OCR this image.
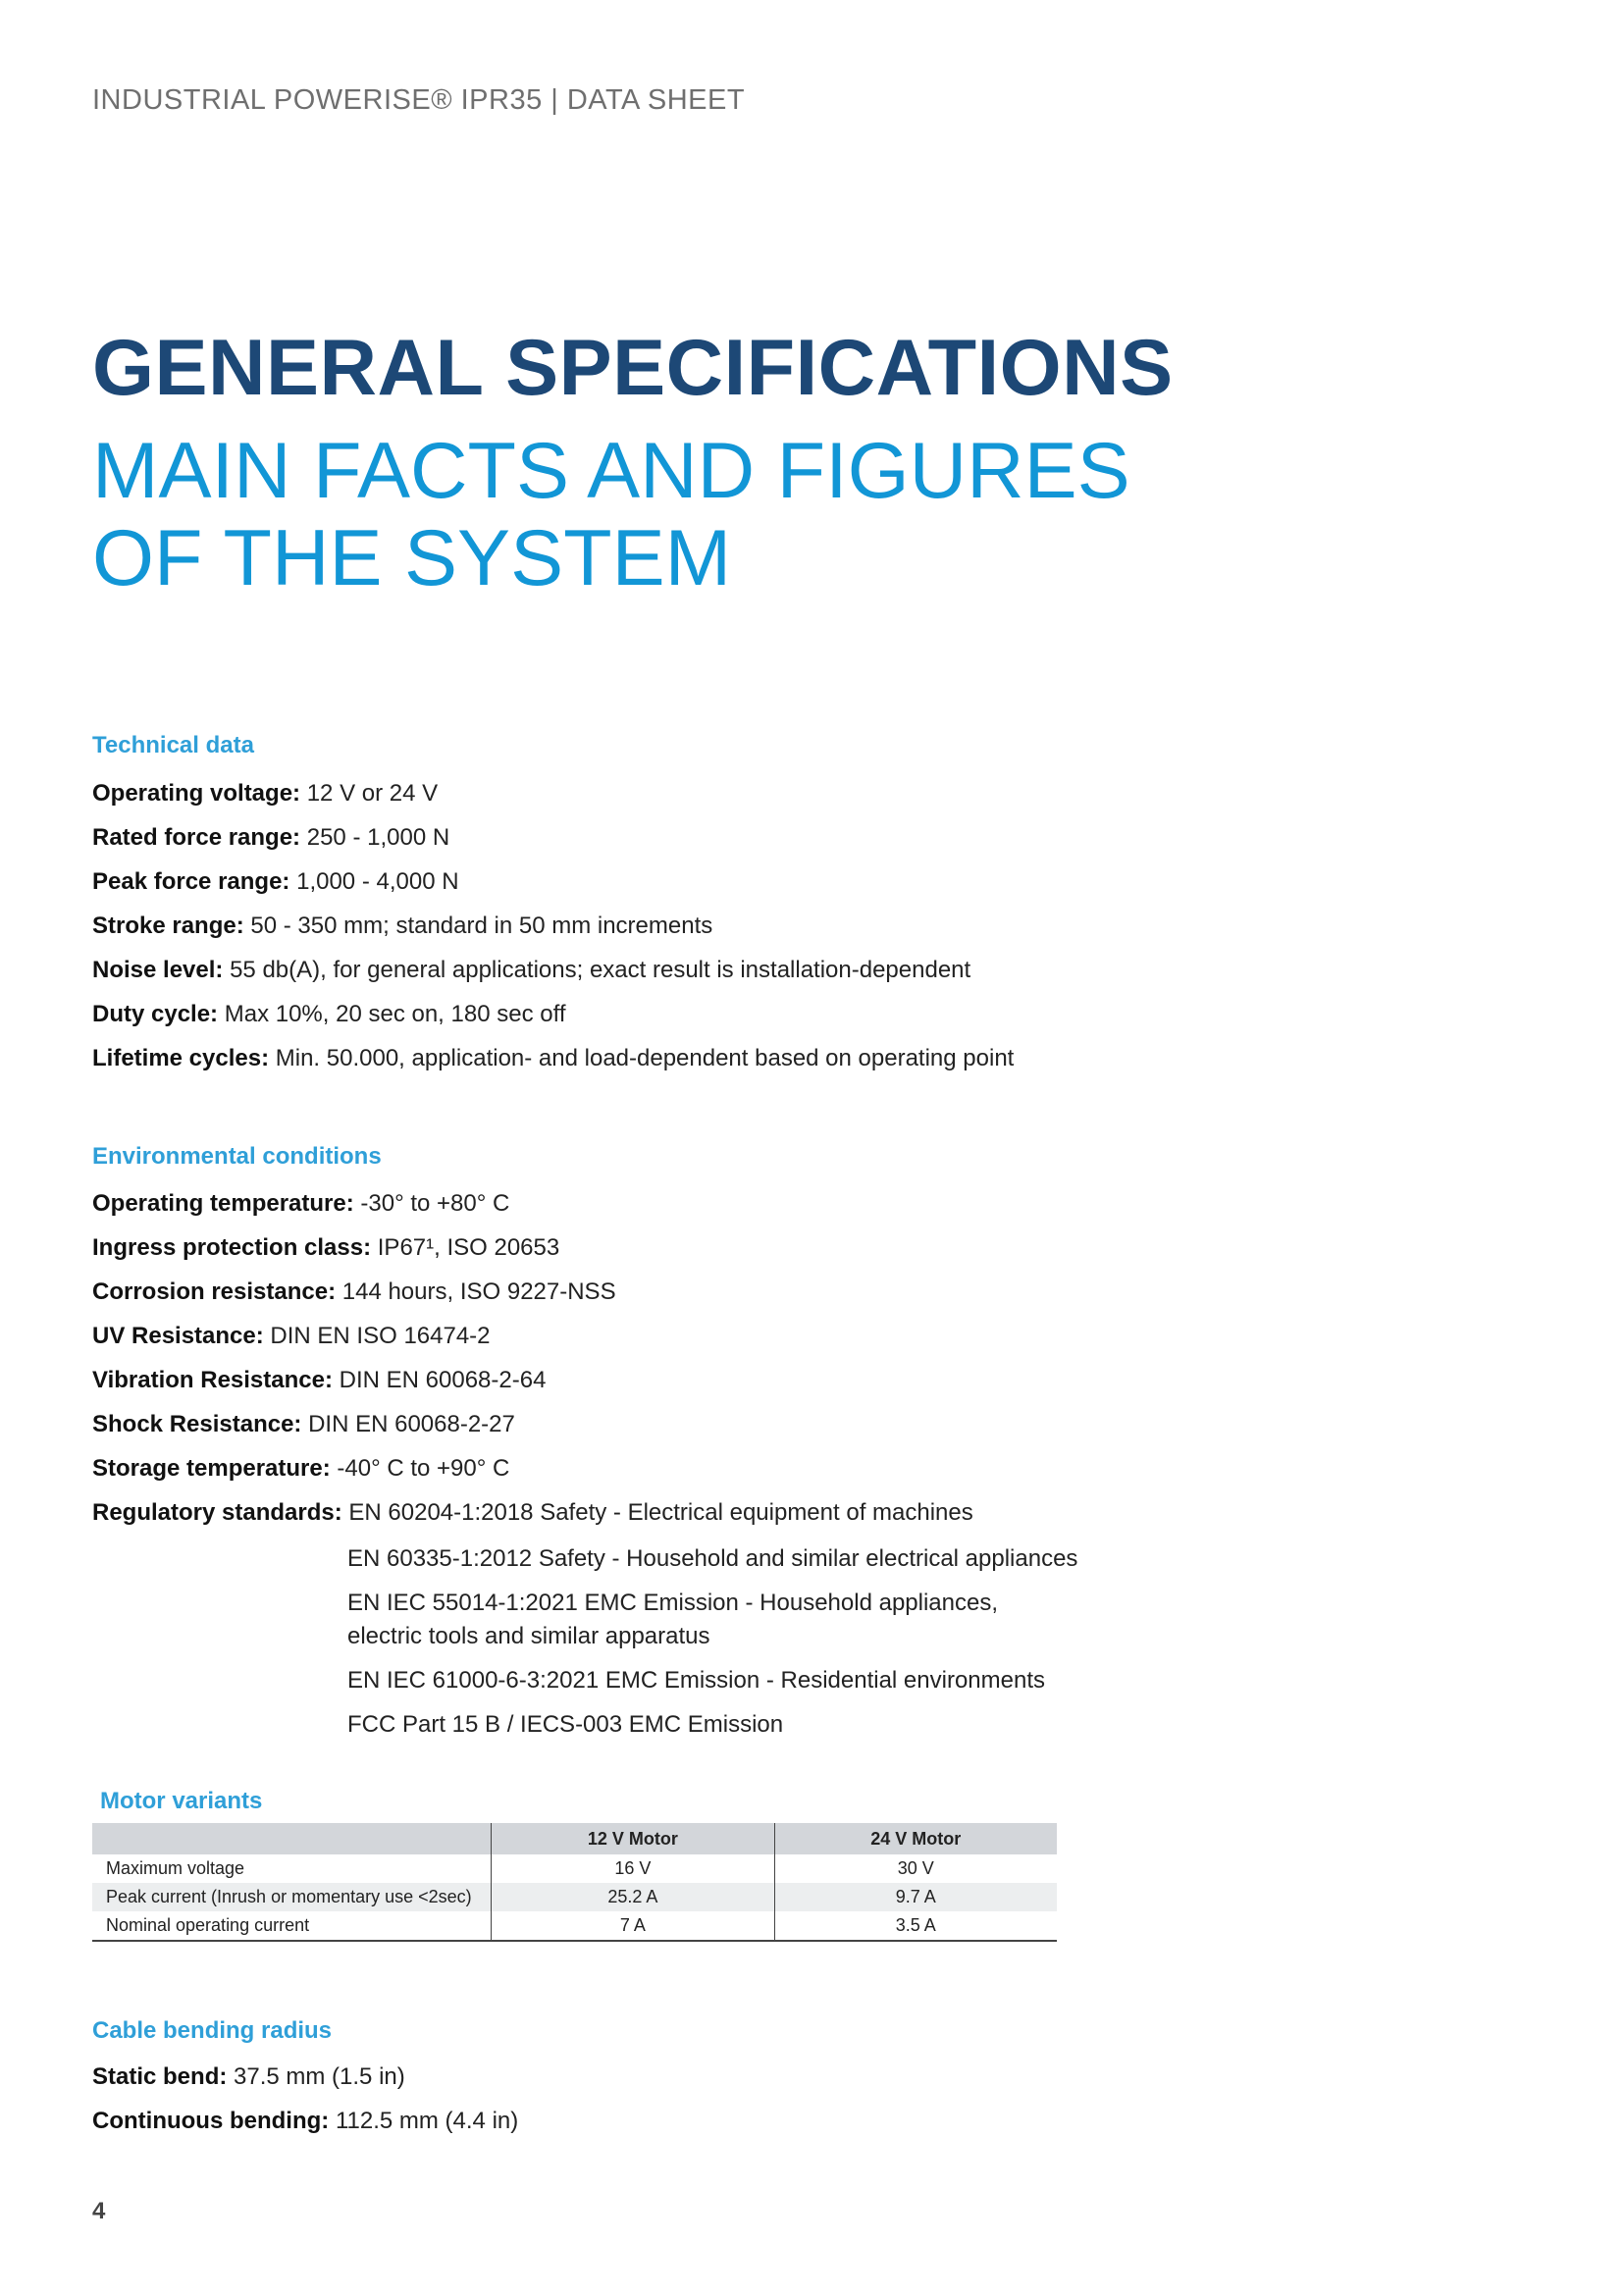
INDUSTRIAL POWERISE® IPR35 | DATA SHEET
GENERAL SPECIFICATIONS
MAIN FACTS AND FIGURES
OF THE SYSTEM
Technical data
Operating voltage: 12 V or 24 V
Rated force range: 250 - 1,000 N
Peak force range: 1,000 - 4,000 N
Stroke range: 50 - 350 mm; standard in 50 mm increments
Noise level: 55 db(A), for general applications; exact result is installation-dependent
Duty cycle: Max 10%, 20 sec on, 180 sec off
Lifetime cycles: Min. 50.000, application- and load-dependent based on operating point
Environmental conditions
Operating temperature: -30° to +80° C
Ingress protection class: IP67¹, ISO 20653
Corrosion resistance: 144 hours, ISO 9227-NSS
UV Resistance: DIN EN ISO 16474-2
Vibration Resistance: DIN EN 60068-2-64
Shock Resistance: DIN EN 60068-2-27
Storage temperature: -40° C to +90° C
Regulatory standards: EN 60204-1:2018 Safety - Electrical equipment of machines
EN 60335-1:2012 Safety - Household and similar electrical appliances
EN IEC 55014-1:2021 EMC Emission - Household appliances,
electric tools and similar apparatus
EN IEC 61000-6-3:2021 EMC Emission - Residential environments
FCC Part 15 B / IECS-003 EMC Emission
Motor variants
	12 V Motor	24 V Motor
Maximum voltage	16 V	30 V
Peak current (Inrush or momentary use <2sec)	25.2 A	9.7 A
Nominal operating current	7 A	3.5 A
Cable bending radius
Static bend: 37.5 mm (1.5 in)
Continuous bending: 112.5 mm (4.4 in)
4
